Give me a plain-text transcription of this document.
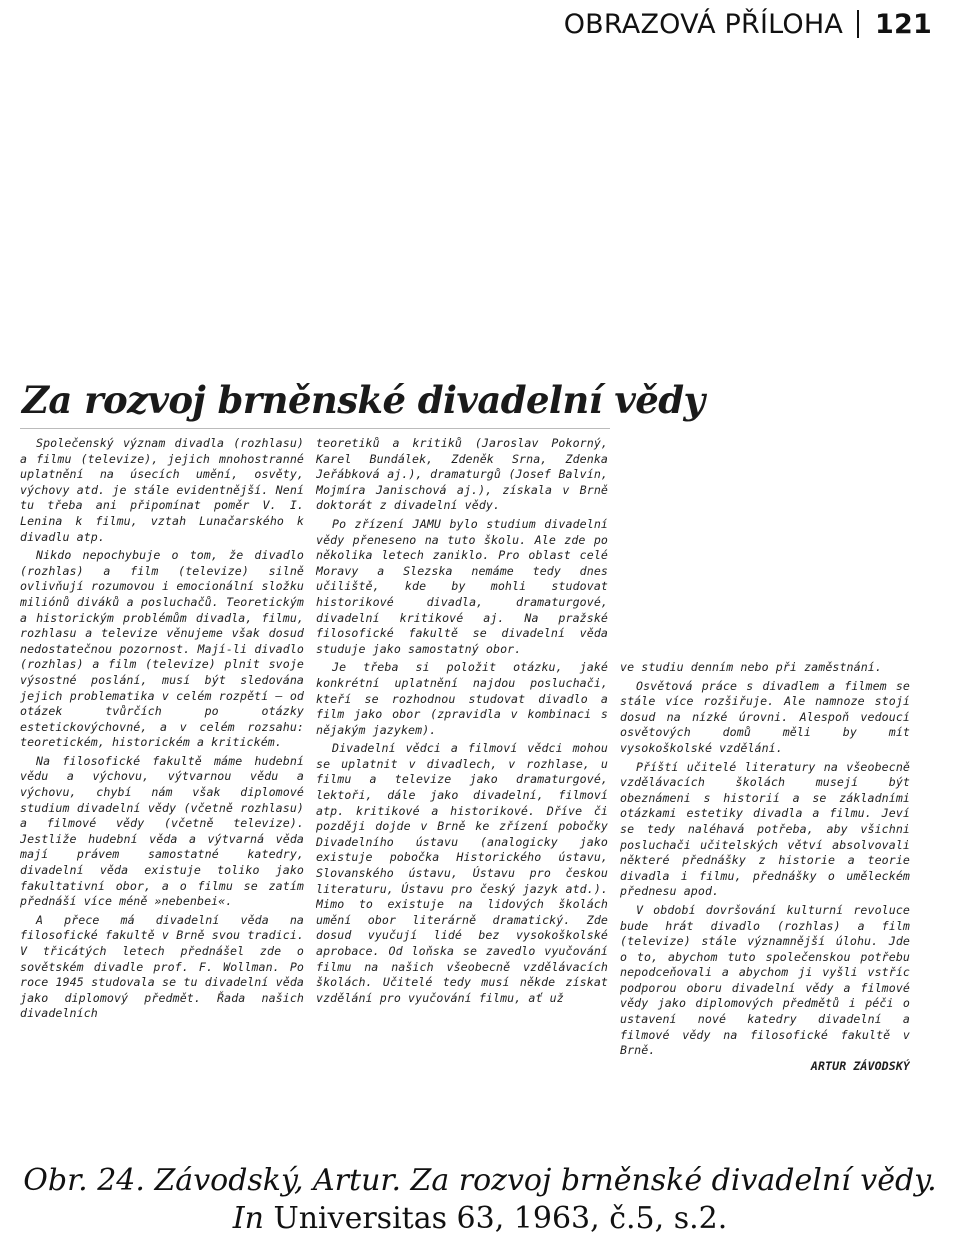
OBRAZOVÁ PŘÍLOHA 121
Za rozvoj brněnské divadelní vědy

Společenský význam divadla (rozhlasu) a filmu (televize), jejich mnohostranné uplatnění na úsecích umění, osvěty, výchovy atd. je stále evidentnější. Není tu třeba ani připomínat poměr V. I. Lenina k filmu, vztah Lunačarského k divadlu atp.

Nikdo nepochybuje o tom, že divadlo (rozhlas) a film (televize) silně ovlivňují rozumovou i emocionální složku miliónů diváků a posluchačů. Teoretickým a historickým problémům divadla, filmu, rozhlasu a televize věnujeme však dosud nedostatečnou pozornost. Mají-li divadlo (rozhlas) a film (televize) plnit svoje výsostné poslání, musí být sledována jejich problematika v celém rozpětí — od otázek tvůrčích po otázky estetickovýchovné, a v celém rozsahu: teoretickém, historickém a kritickém.

Na filosofické fakultě máme hudební vědu a výchovu, výtvarnou vědu a výchovu, chybí nám však diplomové studium divadelní vědy (včetně rozhlasu) a filmové vědy (včetně televize). Jestliže hudební věda a výtvarná věda mají právem samostatné katedry, divadelní věda existuje toliko jako fakultativní obor, a o filmu se zatím přednáší více méně »nebenbei«.

A přece má divadelní věda na filosofické fakultě v Brně svou tradici. V třicátých letech přednášel zde o sovětském divadle prof. F. Wollman. Po roce 1945 studovala se tu divadelní věda jako diplomový předmět. Řada našich divadelních

teoretiků a kritiků (Jaroslav Pokorný, Karel Bundálek, Zdeněk Srna, Zdenka Jeřábková aj.), dramaturgů (Josef Balvín, Mojmíra Janischová aj.), získala v Brně doktorát z divadelní vědy.

Po zřízení JAMU bylo studium divadelní vědy přeneseno na tuto školu. Ale zde po několika letech zaniklo. Pro oblast celé Moravy a Slezska nemáme tedy dnes učiliště, kde by mohli studovat historikové divadla, dramaturgové, divadelní kritikové aj. Na pražské filosofické fakultě se divadelní věda studuje jako samostatný obor.

Je třeba si položit otázku, jaké konkrétní uplatnění najdou posluchači, kteří se rozhodnou studovat divadlo a film jako obor (zpravidla v kombinaci s nějakým jazykem).

Divadelní vědci a filmoví vědci mohou se uplatnit v divadlech, v rozhlase, u filmu a televize jako dramaturgové, lektoři, dále jako divadelní, filmoví atp. kritikové a historikové. Dříve či později dojde v Brně ke zřízení pobočky Divadelního ústavu (analogicky jako existuje pobočka Historického ústavu, Slovanského ústavu, Ústavu pro českou literaturu, Ústavu pro český jazyk atd.). Mimo to existuje na lidových školách umění obor literárně dramatický. Zde dosud vyučují lidé bez vysokoškolské aprobace. Od loňska se zavedlo vyučování filmu na našich všeobecně vzdělávacích školách. Učitelé tedy musí někde získat vzdělání pro vyučování filmu, ať už

ve studiu denním nebo při zaměstnání.

Osvětová práce s divadlem a filmem se stále více rozšiřuje. Ale namnoze stojí dosud na nízké úrovni. Alespoň vedoucí osvětových domů měli by mít vysokoškolské vzdělání.

Příští učitelé literatury na všeobecně vzdělávacích školách musejí být obeznámeni s historií a se základními otázkami estetiky divadla a filmu. Jeví se tedy naléhavá potřeba, aby všichni posluchači učitelských větví absolvovali některé přednášky z historie a teorie divadla i filmu, přednášky o uměleckém přednesu apod.

V období dovršování kulturní revoluce bude hrát divadlo (rozhlas) a film (televize) stále významnější úlohu. Jde o to, abychom tuto společenskou potřebu nepodceňovali a abychom ji vyšli vstříc podporou oboru divadelní vědy a filmové vědy jako diplomových předmětů i péči o ustavení nové katedry divadelní a filmové vědy na filosofické fakultě v Brně.

ARTUR ZÁVODSKÝ
Obr. 24. Závodský, Artur. Za rozvoj brněnské divadelní vědy.
In Universitas 63, 1963, č.5, s.2.
